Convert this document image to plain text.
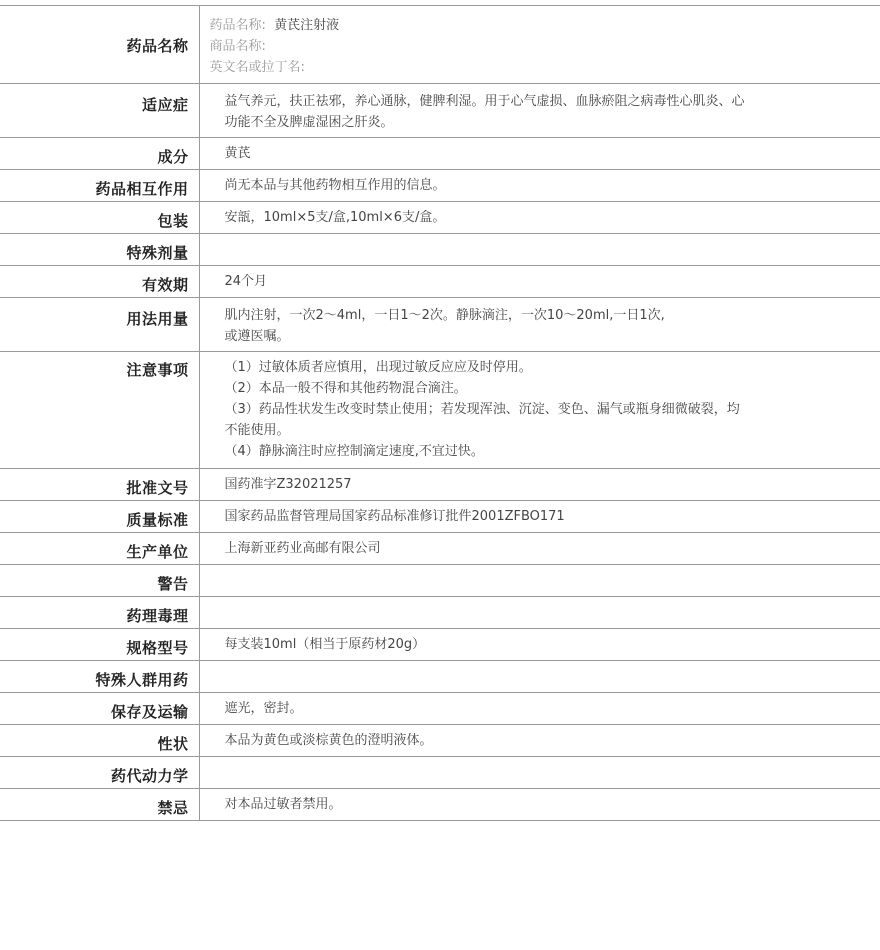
药品名称	药品名称: 黄芪注射液
商品名称:
英文名或拉丁名:

适应症	益气养元，扶正祛邪，养心通脉，健脾利湿。用于心气虚损、血脉瘀阻之病毒性心肌炎、心
功能不全及脾虚湿困之肝炎。

成分	黄芪

药品相互作用	尚无本品与其他药物相互作用的信息。

包装	安瓿，10ml×5支/盒,10ml×6支/盒。

特殊剂量	

有效期	24个月

用法用量	肌内注射，一次2～4ml，一日1～2次。静脉滴注，一次10～20ml,一日1次,
或遵医嘱。

注意事项	（1）过敏体质者应慎用，出现过敏反应应及时停用。
（2）本品一般不得和其他药物混合滴注。
（3）药品性状发生改变时禁止使用；若发现浑浊、沉淀、变色、漏气或瓶身细微破裂，均
不能使用。
（4）静脉滴注时应控制滴定速度,不宜过快。

批准文号	国药准字Z32021257

质量标准	国家药品监督管理局国家药品标准修订批件2001ZFBO171

生产单位	上海新亚药业高邮有限公司

警告	

药理毒理	

规格型号	每支装10ml（相当于原药材20g）

特殊人群用药	

保存及运输	遮光，密封。

性状	本品为黄色或淡棕黄色的澄明液体。

药代动力学	

禁忌	对本品过敏者禁用。
